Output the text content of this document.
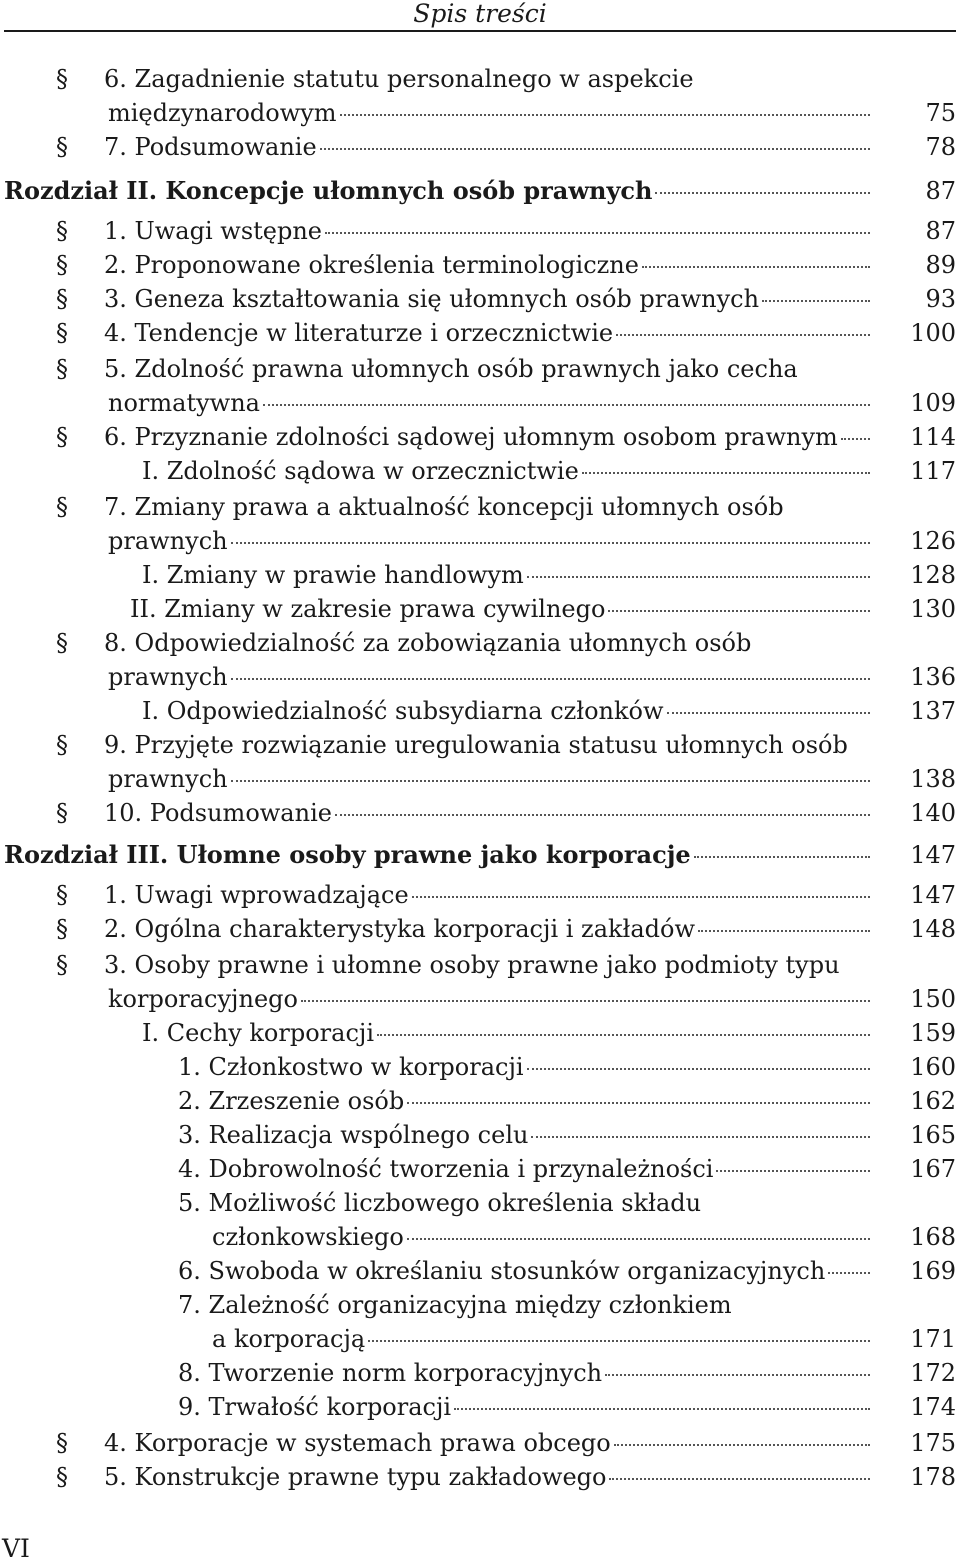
Spis treści
§ 6. Zagadnienie statutu personalnego w aspekcie
międzynarodowym	75
§ 7. Podsumowanie	78
Rozdział II. Koncepcje ułomnych osób prawnych	87
§ 1. Uwagi wstępne	87
§ 2. Proponowane określenia terminologiczne	89
§ 3. Geneza kształtowania się ułomnych osób prawnych	93
§ 4. Tendencje w literaturze i orzecznictwie	100
§ 5. Zdolność prawna ułomnych osób prawnych jako cecha
normatywna	109
§ 6. Przyznanie zdolności sądowej ułomnym osobom prawnym	114
I. Zdolność sądowa w orzecznictwie	117
§ 7. Zmiany prawa a aktualność koncepcji ułomnych osób
prawnych	126
I. Zmiany w prawie handlowym	128
II. Zmiany w zakresie prawa cywilnego	130
§ 8. Odpowiedzialność za zobowiązania ułomnych osób
prawnych	136
I. Odpowiedzialność subsydiarna członków	137
§ 9. Przyjęte rozwiązanie uregulowania statusu ułomnych osób
prawnych	138
§ 10. Podsumowanie	140
Rozdział III. Ułomne osoby prawne jako korporacje	147
§ 1. Uwagi wprowadzające	147
§ 2. Ogólna charakterystyka korporacji i zakładów	148
§ 3. Osoby prawne i ułomne osoby prawne jako podmioty typu
korporacyjnego	150
I. Cechy korporacji	159
1. Członkostwo w korporacji	160
2. Zrzeszenie osób	162
3. Realizacja wspólnego celu	165
4. Dobrowolność tworzenia i przynależności	167
5. Możliwość liczbowego określenia składu
członkowskiego	168
6. Swoboda w określaniu stosunków organizacyjnych	169
7. Zależność organizacyjna między członkiem
a korporacją	171
8. Tworzenie norm korporacyjnych	172
9. Trwałość korporacji	174
§ 4. Korporacje w systemach prawa obcego	175
§ 5. Konstrukcje prawne typu zakładowego	178
VI
